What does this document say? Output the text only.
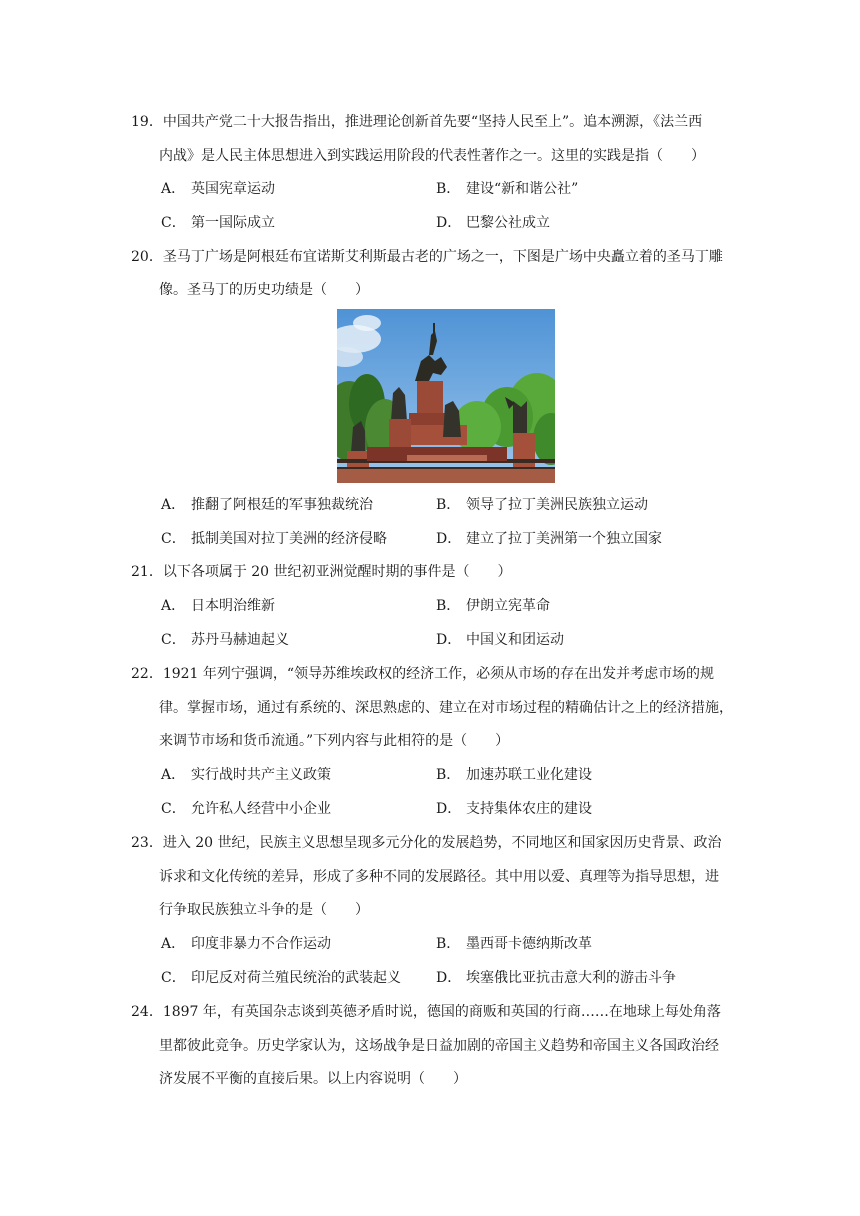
19．中国共产党二十大报告指出，推进理论创新首先要“坚持人民至上”。追本溯源，《法兰西
内战》是人民主体思想进入到实践运用阶段的代表性著作之一。这里的实践是指（　　）
A． 英国宪章运动	B． 建设“新和谐公社”
C． 第一国际成立	D． 巴黎公社成立
20．圣马丁广场是阿根廷布宜诺斯艾利斯最古老的广场之一，下图是广场中央矗立着的圣马丁雕
像。圣马丁的历史功绩是（　　）
A． 推翻了阿根廷的军事独裁统治	B． 领导了拉丁美洲民族独立运动
C． 抵制美国对拉丁美洲的经济侵略	D． 建立了拉丁美洲第一个独立国家
21．以下各项属于 20 世纪初亚洲觉醒时期的事件是（　　）
A． 日本明治维新	B． 伊朗立宪革命
C． 苏丹马赫迪起义	D． 中国义和团运动
22．1921 年列宁强调，“领导苏维埃政权的经济工作，必须从市场的存在出发并考虑市场的规
律。掌握市场，通过有系统的、深思熟虑的、建立在对市场过程的精确估计之上的经济措施，
来调节市场和货币流通。”下列内容与此相符的是（　　）
A． 实行战时共产主义政策	B． 加速苏联工业化建设
C． 允许私人经营中小企业	D． 支持集体农庄的建设
23．进入 20 世纪，民族主义思想呈现多元分化的发展趋势，不同地区和国家因历史背景、政治
诉求和文化传统的差异，形成了多种不同的发展路径。其中用以爱、真理等为指导思想，进
行争取民族独立斗争的是（　　）
A． 印度非暴力不合作运动	B． 墨西哥卡德纳斯改革
C． 印尼反对荷兰殖民统治的武装起义	D． 埃塞俄比亚抗击意大利的游击斗争
24．1897 年，有英国杂志谈到英德矛盾时说，德国的商贩和英国的行商……在地球上每处角落
里都彼此竞争。历史学家认为，这场战争是日益加剧的帝国主义趋势和帝国主义各国政治经
济发展不平衡的直接后果。以上内容说明（　　）
